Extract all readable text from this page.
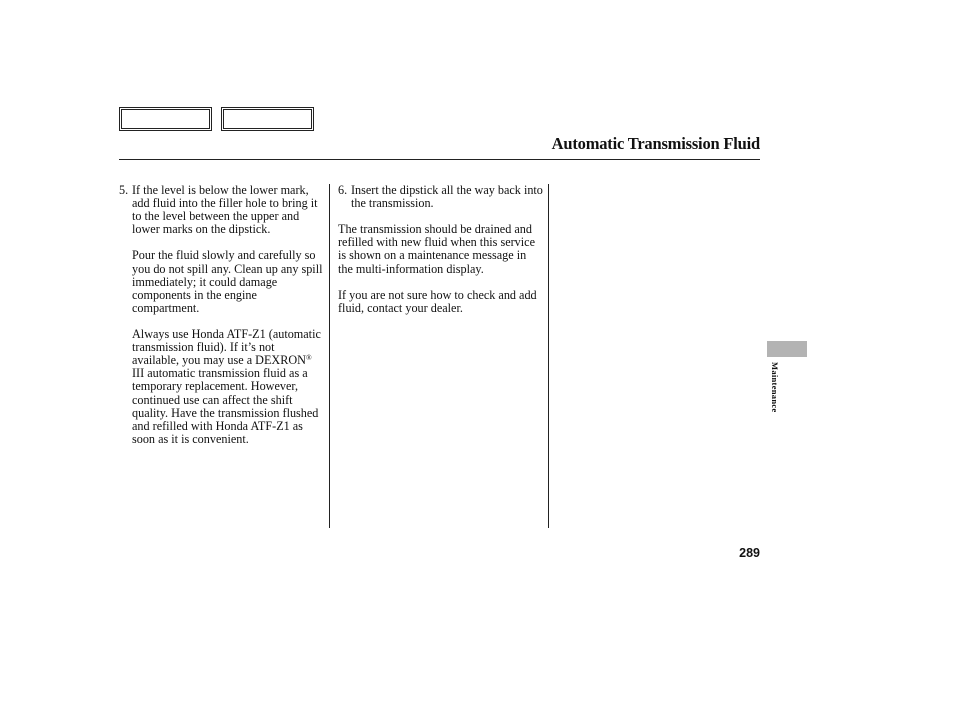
Automatic Transmission Fluid

5. If the level is below the lower mark, add fluid into the filler hole to bring it to the level between the upper and lower marks on the dipstick.

Pour the fluid slowly and carefully so you do not spill any. Clean up any spill immediately; it could damage components in the engine compartment.

Always use Honda ATF-Z1 (automatic transmission fluid). If it’s not available, you may use a DEXRON® III automatic transmission fluid as a temporary replacement. However, continued use can affect the shift quality. Have the transmission flushed and refilled with Honda ATF-Z1 as soon as it is convenient.

6. Insert the dipstick all the way back into the transmission.

The transmission should be drained and refilled with new fluid when this service is shown on a maintenance message in the multi-information display.

If you are not sure how to check and add fluid, contact your dealer.

Maintenance
289
